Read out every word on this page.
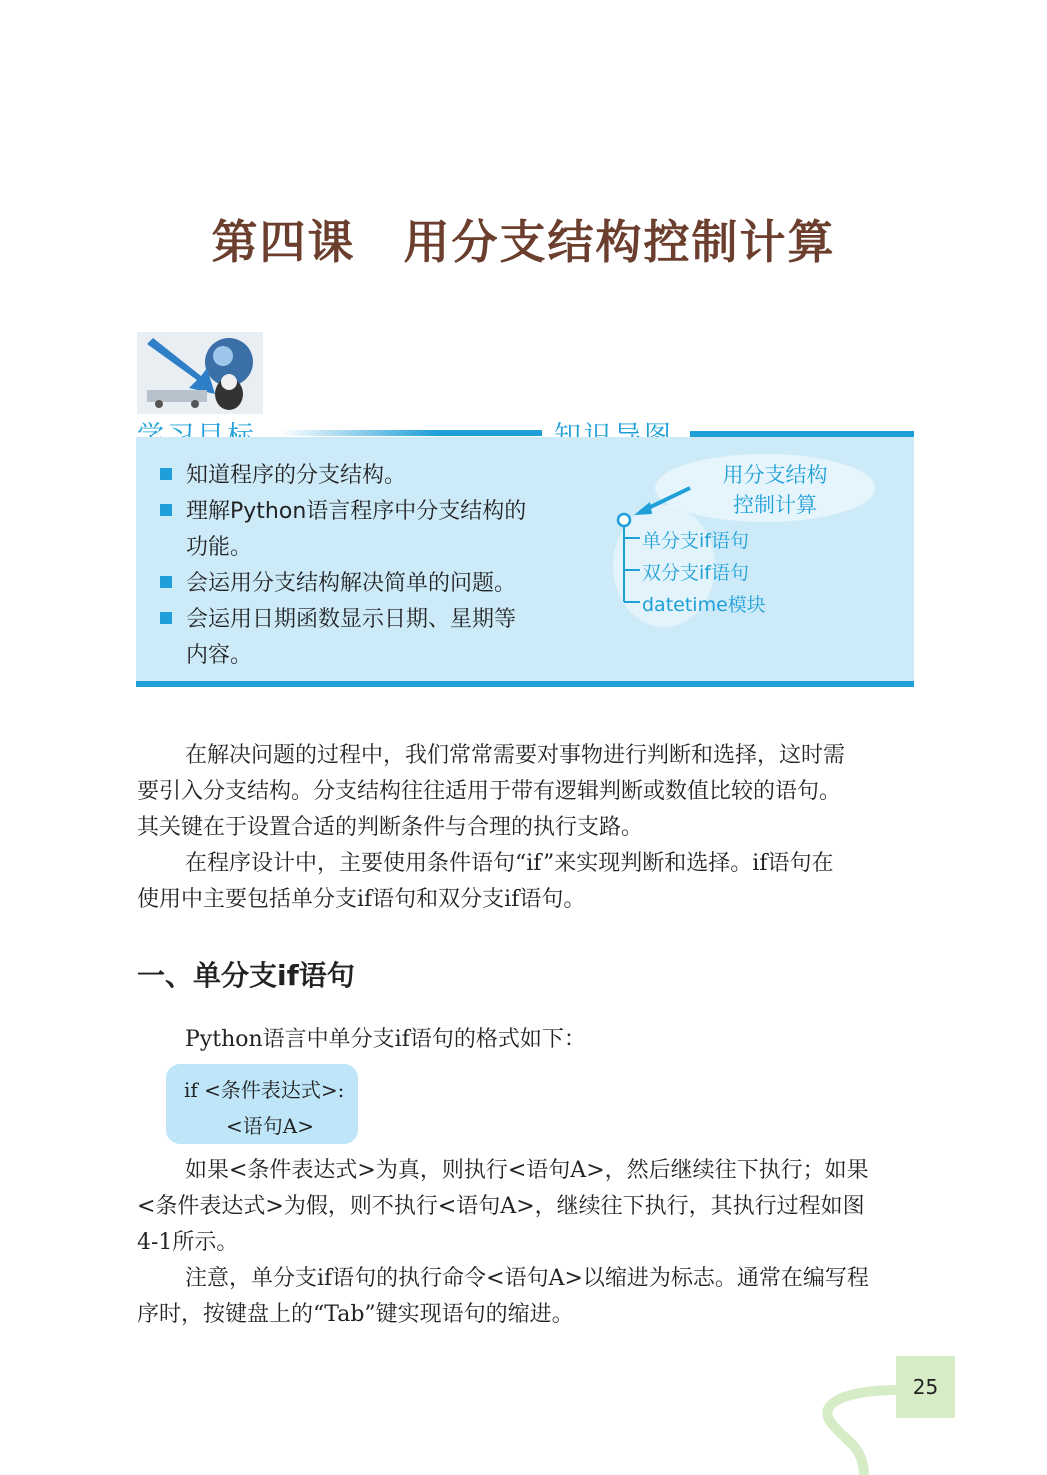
第四课　用分支结构控制计算
知道程序的分支结构。
理解Python语言程序中分支结构的
功能。
会运用分支结构解决简单的问题。
会运用日期函数显示日期、星期等
内容。
用分支结构
控制计算
单分支if语句
双分支if语句
datetime模块
在解决问题的过程中，我们常常需要对事物进行判断和选择，这时需
要引入分支结构。分支结构往往适用于带有逻辑判断或数值比较的语句。
其关键在于设置合适的判断条件与合理的执行支路。
在程序设计中，主要使用条件语句“if”来实现判断和选择。if语句在
使用中主要包括单分支if语句和双分支if语句。
一、单分支if语句
Python语言中单分支if语句的格式如下：
if <条件表达式>:
<语句A>
如果<条件表达式>为真，则执行<语句A>，然后继续往下执行；如果
<条件表达式>为假，则不执行<语句A>，继续往下执行，其执行过程如图
4-1所示。
注意，单分支if语句的执行命令<语句A>以缩进为标志。通常在编写程
序时，按键盘上的“Tab”键实现语句的缩进。
25
